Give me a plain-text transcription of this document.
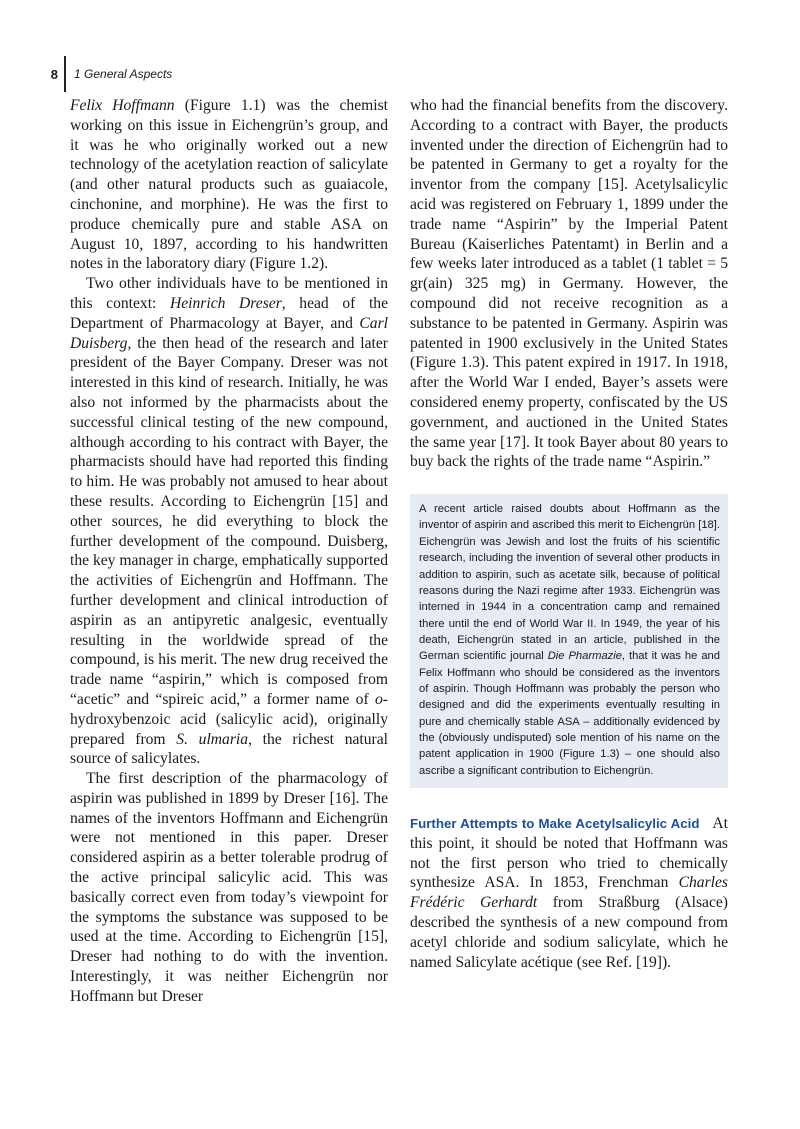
8 1 General Aspects

Felix Hoffmann (Figure 1.1) was the chemist working on this issue in Eichengrün’s group, and it was he who originally worked out a new technology of the acetylation reaction of salicylate (and other natural products such as guaiacole, cinchonine, and morphine). He was the first to produce chemically pure and stable ASA on August 10, 1897, according to his handwritten notes in the laboratory diary (Figure 1.2).

Two other individuals have to be mentioned in this context: Heinrich Dreser, head of the Department of Pharmacology at Bayer, and Carl Duisberg, the then head of the research and later president of the Bayer Company. Dreser was not interested in this kind of research. Initially, he was also not informed by the pharmacists about the successful clinical testing of the new compound, although according to his contract with Bayer, the pharmacists should have had reported this finding to him. He was probably not amused to hear about these results. According to Eichengrün [15] and other sources, he did everything to block the further development of the compound. Duisberg, the key manager in charge, emphatically supported the activities of Eichengrün and Hoffmann. The further development and clinical introduction of aspirin as an antipyretic analgesic, eventually resulting in the worldwide spread of the compound, is his merit. The new drug received the trade name “aspirin,” which is composed from “acetic” and “spireic acid,” a former name of o-hydroxybenzoic acid (salicylic acid), originally prepared from S. ulmaria, the richest natural source of salicylates.

The first description of the pharmacology of aspirin was published in 1899 by Dreser [16]. The names of the inventors Hoffmann and Eichengrün were not mentioned in this paper. Dreser considered aspirin as a better tolerable prodrug of the active principal salicylic acid. This was basically correct even from today’s viewpoint for the symptoms the substance was supposed to be used at the time. According to Eichengrün [15], Dreser had nothing to do with the invention. Interestingly, it was neither Eichengrün nor Hoffmann but Dreser

who had the financial benefits from the discovery. According to a contract with Bayer, the products invented under the direction of Eichengrün had to be patented in Germany to get a royalty for the inventor from the company [15]. Acetylsalicylic acid was registered on February 1, 1899 under the trade name “Aspirin” by the Imperial Patent Bureau (Kaiserliches Patentamt) in Berlin and a few weeks later introduced as a tablet (1 tablet = 5 gr(ain) 325 mg) in Germany. However, the compound did not receive recognition as a substance to be patented in Germany. Aspirin was patented in 1900 exclusively in the United States (Figure 1.3). This patent expired in 1917. In 1918, after the World War I ended, Bayer’s assets were considered enemy property, confiscated by the US government, and auctioned in the United States the same year [17]. It took Bayer about 80 years to buy back the rights of the trade name “Aspirin.”

A recent article raised doubts about Hoffmann as the inventor of aspirin and ascribed this merit to Eichengrün [18]. Eichengrün was Jewish and lost the fruits of his scientific research, including the invention of several other products in addition to aspirin, such as acetate silk, because of political reasons during the Nazi regime after 1933. Eichengrün was interned in 1944 in a concentration camp and remained there until the end of World War II. In 1949, the year of his death, Eichengrün stated in an article, published in the German scientific journal Die Pharmazie, that it was he and Felix Hoffmann who should be considered as the inventors of aspirin. Though Hoffmann was probably the person who designed and did the experiments eventually resulting in pure and chemically stable ASA – additionally evidenced by the (obviously undisputed) sole mention of his name on the patent application in 1900 (Figure 1.3) – one should also ascribe a significant contribution to Eichengrün.

Further Attempts to Make Acetylsalicylic Acid At this point, it should be noted that Hoffmann was not the first person who tried to chemically synthesize ASA. In 1853, Frenchman Charles Frédéric Gerhardt from Straßburg (Alsace) described the synthesis of a new compound from acetyl chloride and sodium salicylate, which he named Salicylate acétique (see Ref. [19]).
